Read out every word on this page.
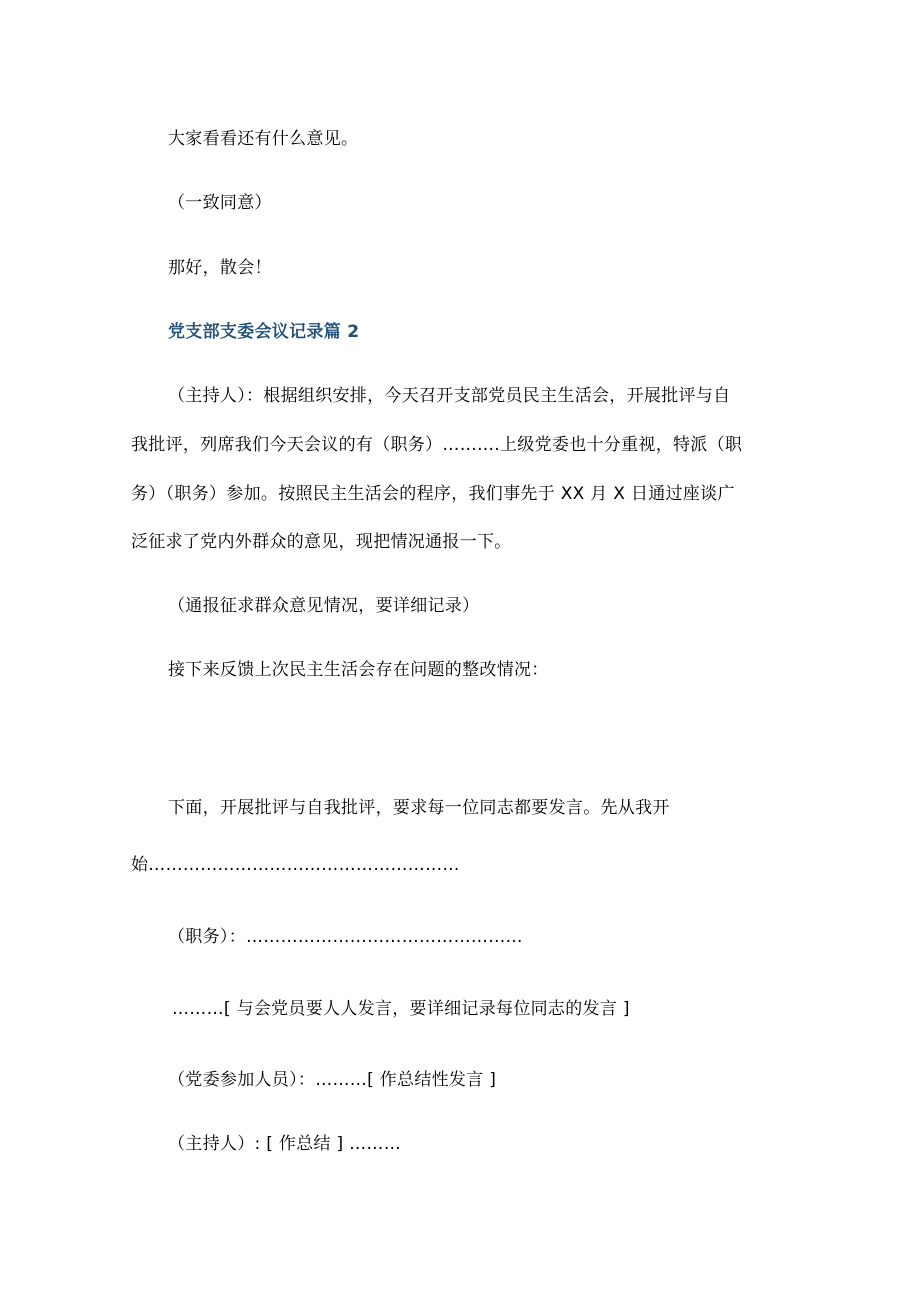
大家看看还有什么意见。
（一致同意）
那好，散会！
党支部支委会议记录篇 2
（主持人）：根据组织安排，今天召开支部党员民主生活会，开展批评与自
我批评，列席我们今天会议的有（职务）……….上级党委也十分重视，特派（职
务）（职务）参加。按照民主生活会的程序，我们事先于 XX 月 X 日通过座谈广
泛征求了党内外群众的意见，现把情况通报一下。
（通报征求群众意见情况，要详细记录）
接下来反馈上次民主生活会存在问题的整改情况：
下面，开展批评与自我批评，要求每一位同志都要发言。先从我开
始………………………………………………
（职务）：…………………………………………
………[ 与会党员要人人发言，要详细记录每位同志的发言 ]
（党委参加人员）：………[ 作总结性发言 ]
（主持人）: [ 作总结 ] ………
